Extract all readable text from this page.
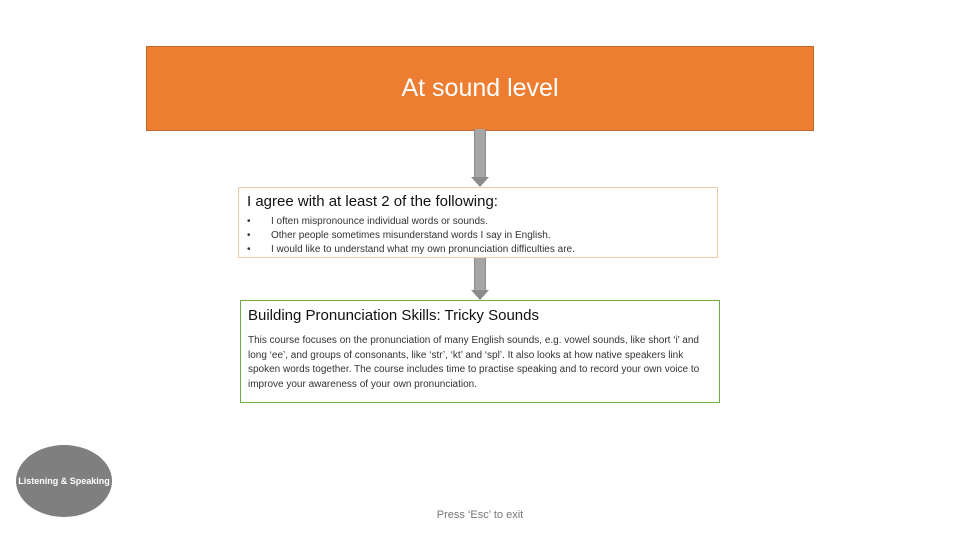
At sound level

I agree with at least 2 of the following:

•	I often mispronounce individual words or sounds.
•	Other people sometimes misunderstand words I say in English.
•	I would like to understand what my own pronunciation difficulties are.

Building Pronunciation Skills: Tricky Sounds

This course focuses on the pronunciation of many English sounds, e.g. vowel sounds, like short ‘i’ and long ‘ee’, and groups of consonants, like ‘str’, ‘kt’ and ‘spl’. It also looks at how native speakers link spoken words together. The course includes time to practise speaking and to record your own voice to improve your awareness of your own pronunciation.

Listening & Speaking
Press ‘Esc’ to exit
